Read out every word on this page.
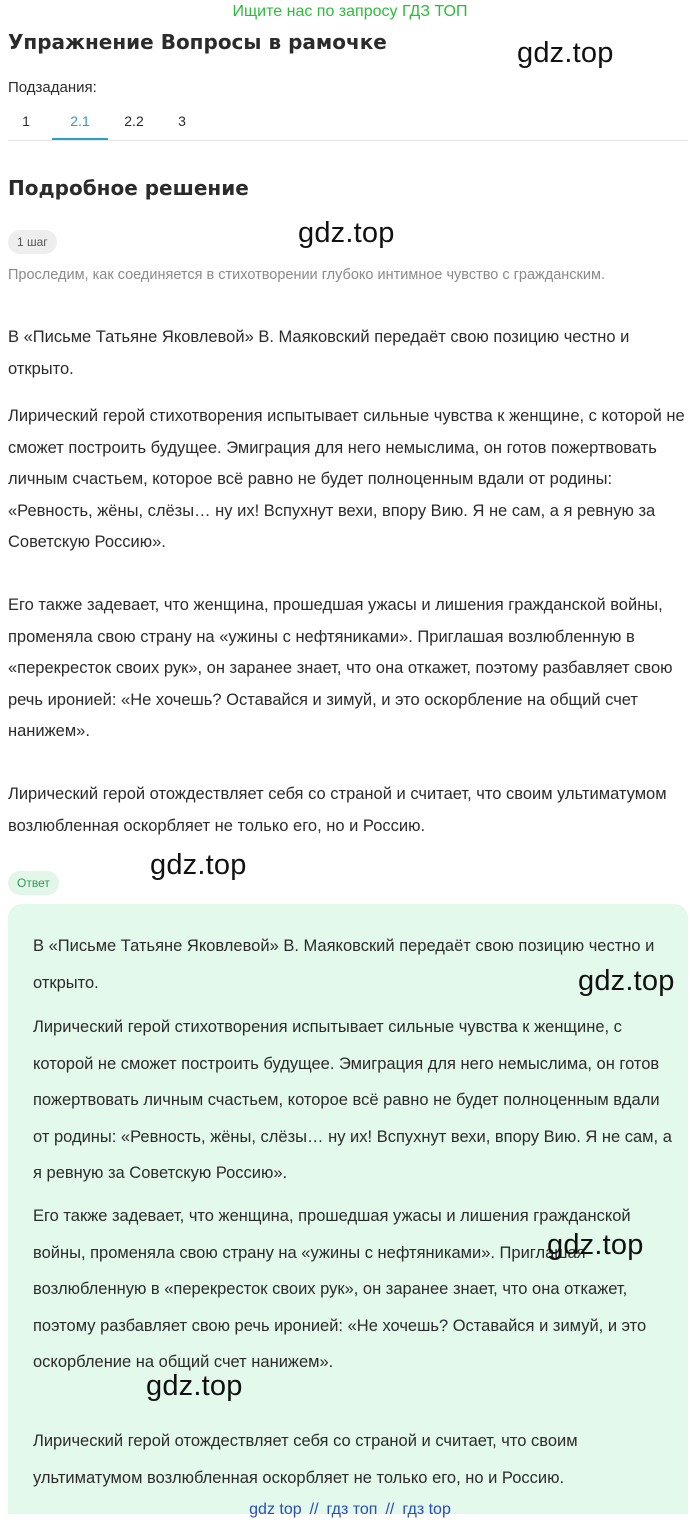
Ищите нас по запросу ГДЗ ТОП
Упражнение Вопросы в рамочке	gdz.top
Подзадания:
1	2.1	2.2	3
Подробное решение
1 шаг	gdz.top

Проследим, как соединяется в стихотворении глубоко интимное чувство с гражданским.

В «Письме Татьяне Яковлевой» В. Маяковский передаёт свою позицию честно и открыто.

Лирический герой стихотворения испытывает сильные чувства к женщине, с которой не сможет построить будущее. Эмиграция для него немыслима, он готов пожертвовать личным счастьем, которое всё равно не будет полноценным вдали от родины: «Ревность, жёны, слёзы… ну их! Вспухнут вехи, впору Вию. Я не сам, а я ревную за Советскую Россию».

Его также задевает, что женщина, прошедшая ужасы и лишения гражданской войны, променяла свою страну на «ужины с нефтяниками». Приглашая возлюбленную в «перекресток своих рук», он заранее знает, что она откажет, поэтому разбавляет свою речь иронией: «Не хочешь? Оставайся и зимуй, и это оскорбление на общий счет нанижем».

Лирический герой отождествляет себя со страной и считает, что своим ультиматумом возлюбленная оскорбляет не только его, но и Россию.

Ответ
gdz.top

В «Письме Татьяне Яковлевой» В. Маяковский передаёт свою позицию честно и открыто.

Лирический герой стихотворения испытывает сильные чувства к женщине, с которой не сможет построить будущее. Эмиграция для него немыслима, он готов пожертвовать личным счастьем, которое всё равно не будет полноценным вдали от родины: «Ревность, жёны, слёзы… ну их! Вспухнут вехи, впору Вию. Я не сам, а я ревную за Советскую Россию».

Его также задевает, что женщина, прошедшая ужасы и лишения гражданской войны, променяла свою страну на «ужины с нефтяниками». Приглашая возлюбленную в «перекресток своих рук», он заранее знает, что она откажет, поэтому разбавляет свою речь иронией: «Не хочешь? Оставайся и зимуй, и это оскорбление на общий счет нанижем».

Лирический герой отождествляет себя со страной и считает, что своим ультиматумом возлюбленная оскорбляет не только его, но и Россию.

gdz.top
gdz.top
gdz.top
gdz top // гдз топ // гдз top
